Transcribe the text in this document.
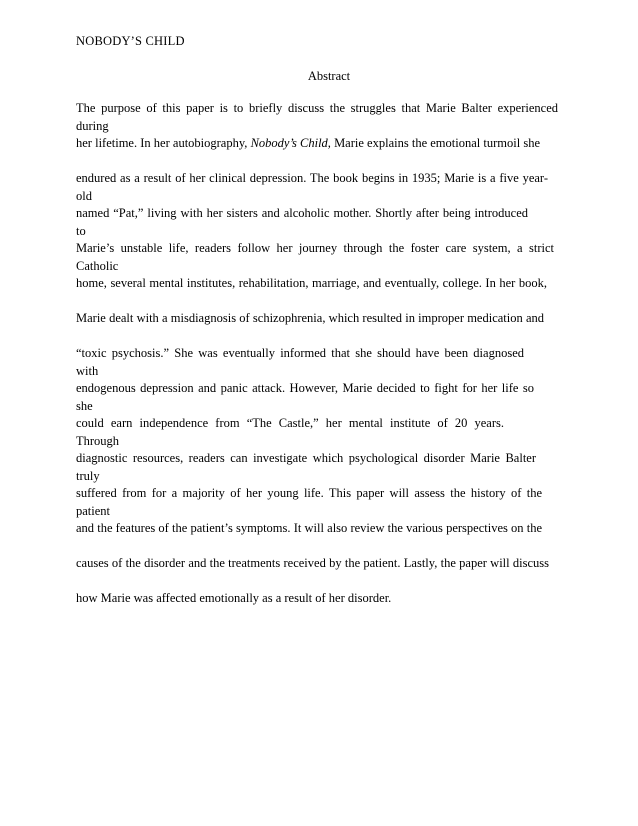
NOBODY’S CHILD
Abstract
The purpose of this paper is to briefly discuss the struggles that Marie Balter experienced during
her lifetime. In her autobiography, Nobody’s Child, Marie explains the emotional turmoil she
endured as a result of her clinical depression. The book begins in 1935; Marie is a five year-old
named “Pat,” living with her sisters and alcoholic mother. Shortly after being introduced to
Marie’s unstable life, readers follow her journey through the foster care system, a strict Catholic
home, several mental institutes, rehabilitation, marriage, and eventually, college. In her book,
Marie dealt with a misdiagnosis of schizophrenia, which resulted in improper medication and
“toxic psychosis.” She was eventually informed that she should have been diagnosed with
endogenous depression and panic attack. However, Marie decided to fight for her life so she
could earn independence from “The Castle,” her mental institute of 20 years. Through
diagnostic resources, readers can investigate which psychological disorder Marie Balter truly
suffered from for a majority of her young life. This paper will assess the history of the patient
and the features of the patient’s symptoms. It will also review the various perspectives on the
causes of the disorder and the treatments received by the patient. Lastly, the paper will discuss
how Marie was affected emotionally as a result of her disorder.
